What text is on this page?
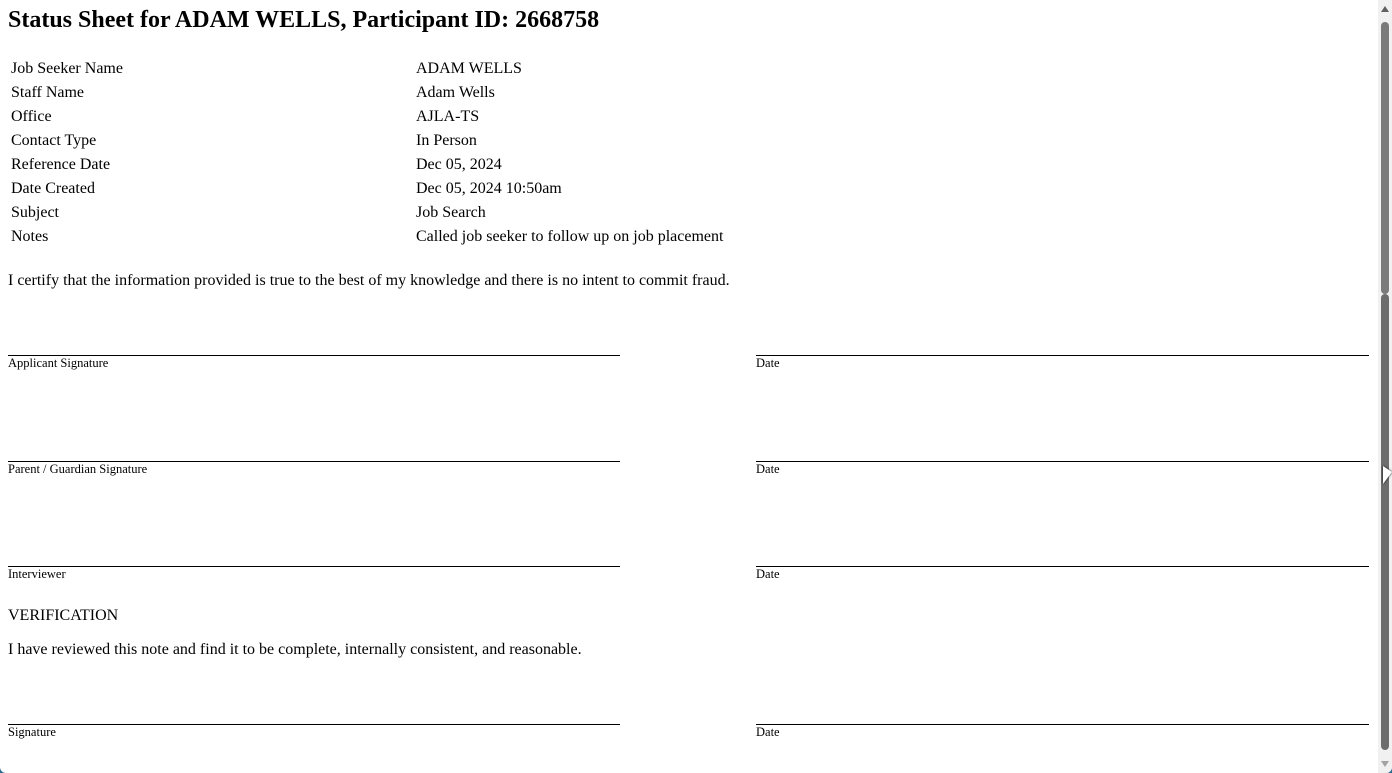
Status Sheet for ADAM WELLS, Participant ID: 2668758
Job Seeker Name	ADAM WELLS
Staff Name	Adam Wells
Office	AJLA-TS
Contact Type	In Person
Reference Date	Dec 05, 2024
Date Created	Dec 05, 2024 10:50am
Subject	Job Search
Notes	Called job seeker to follow up on job placement
I certify that the information provided is true to the best of my knowledge and there is no intent to commit fraud.
Applicant Signature	Date
Parent / Guardian Signature	Date
Interviewer	Date
VERIFICATION
I have reviewed this note and find it to be complete, internally consistent, and reasonable.
Signature	Date
